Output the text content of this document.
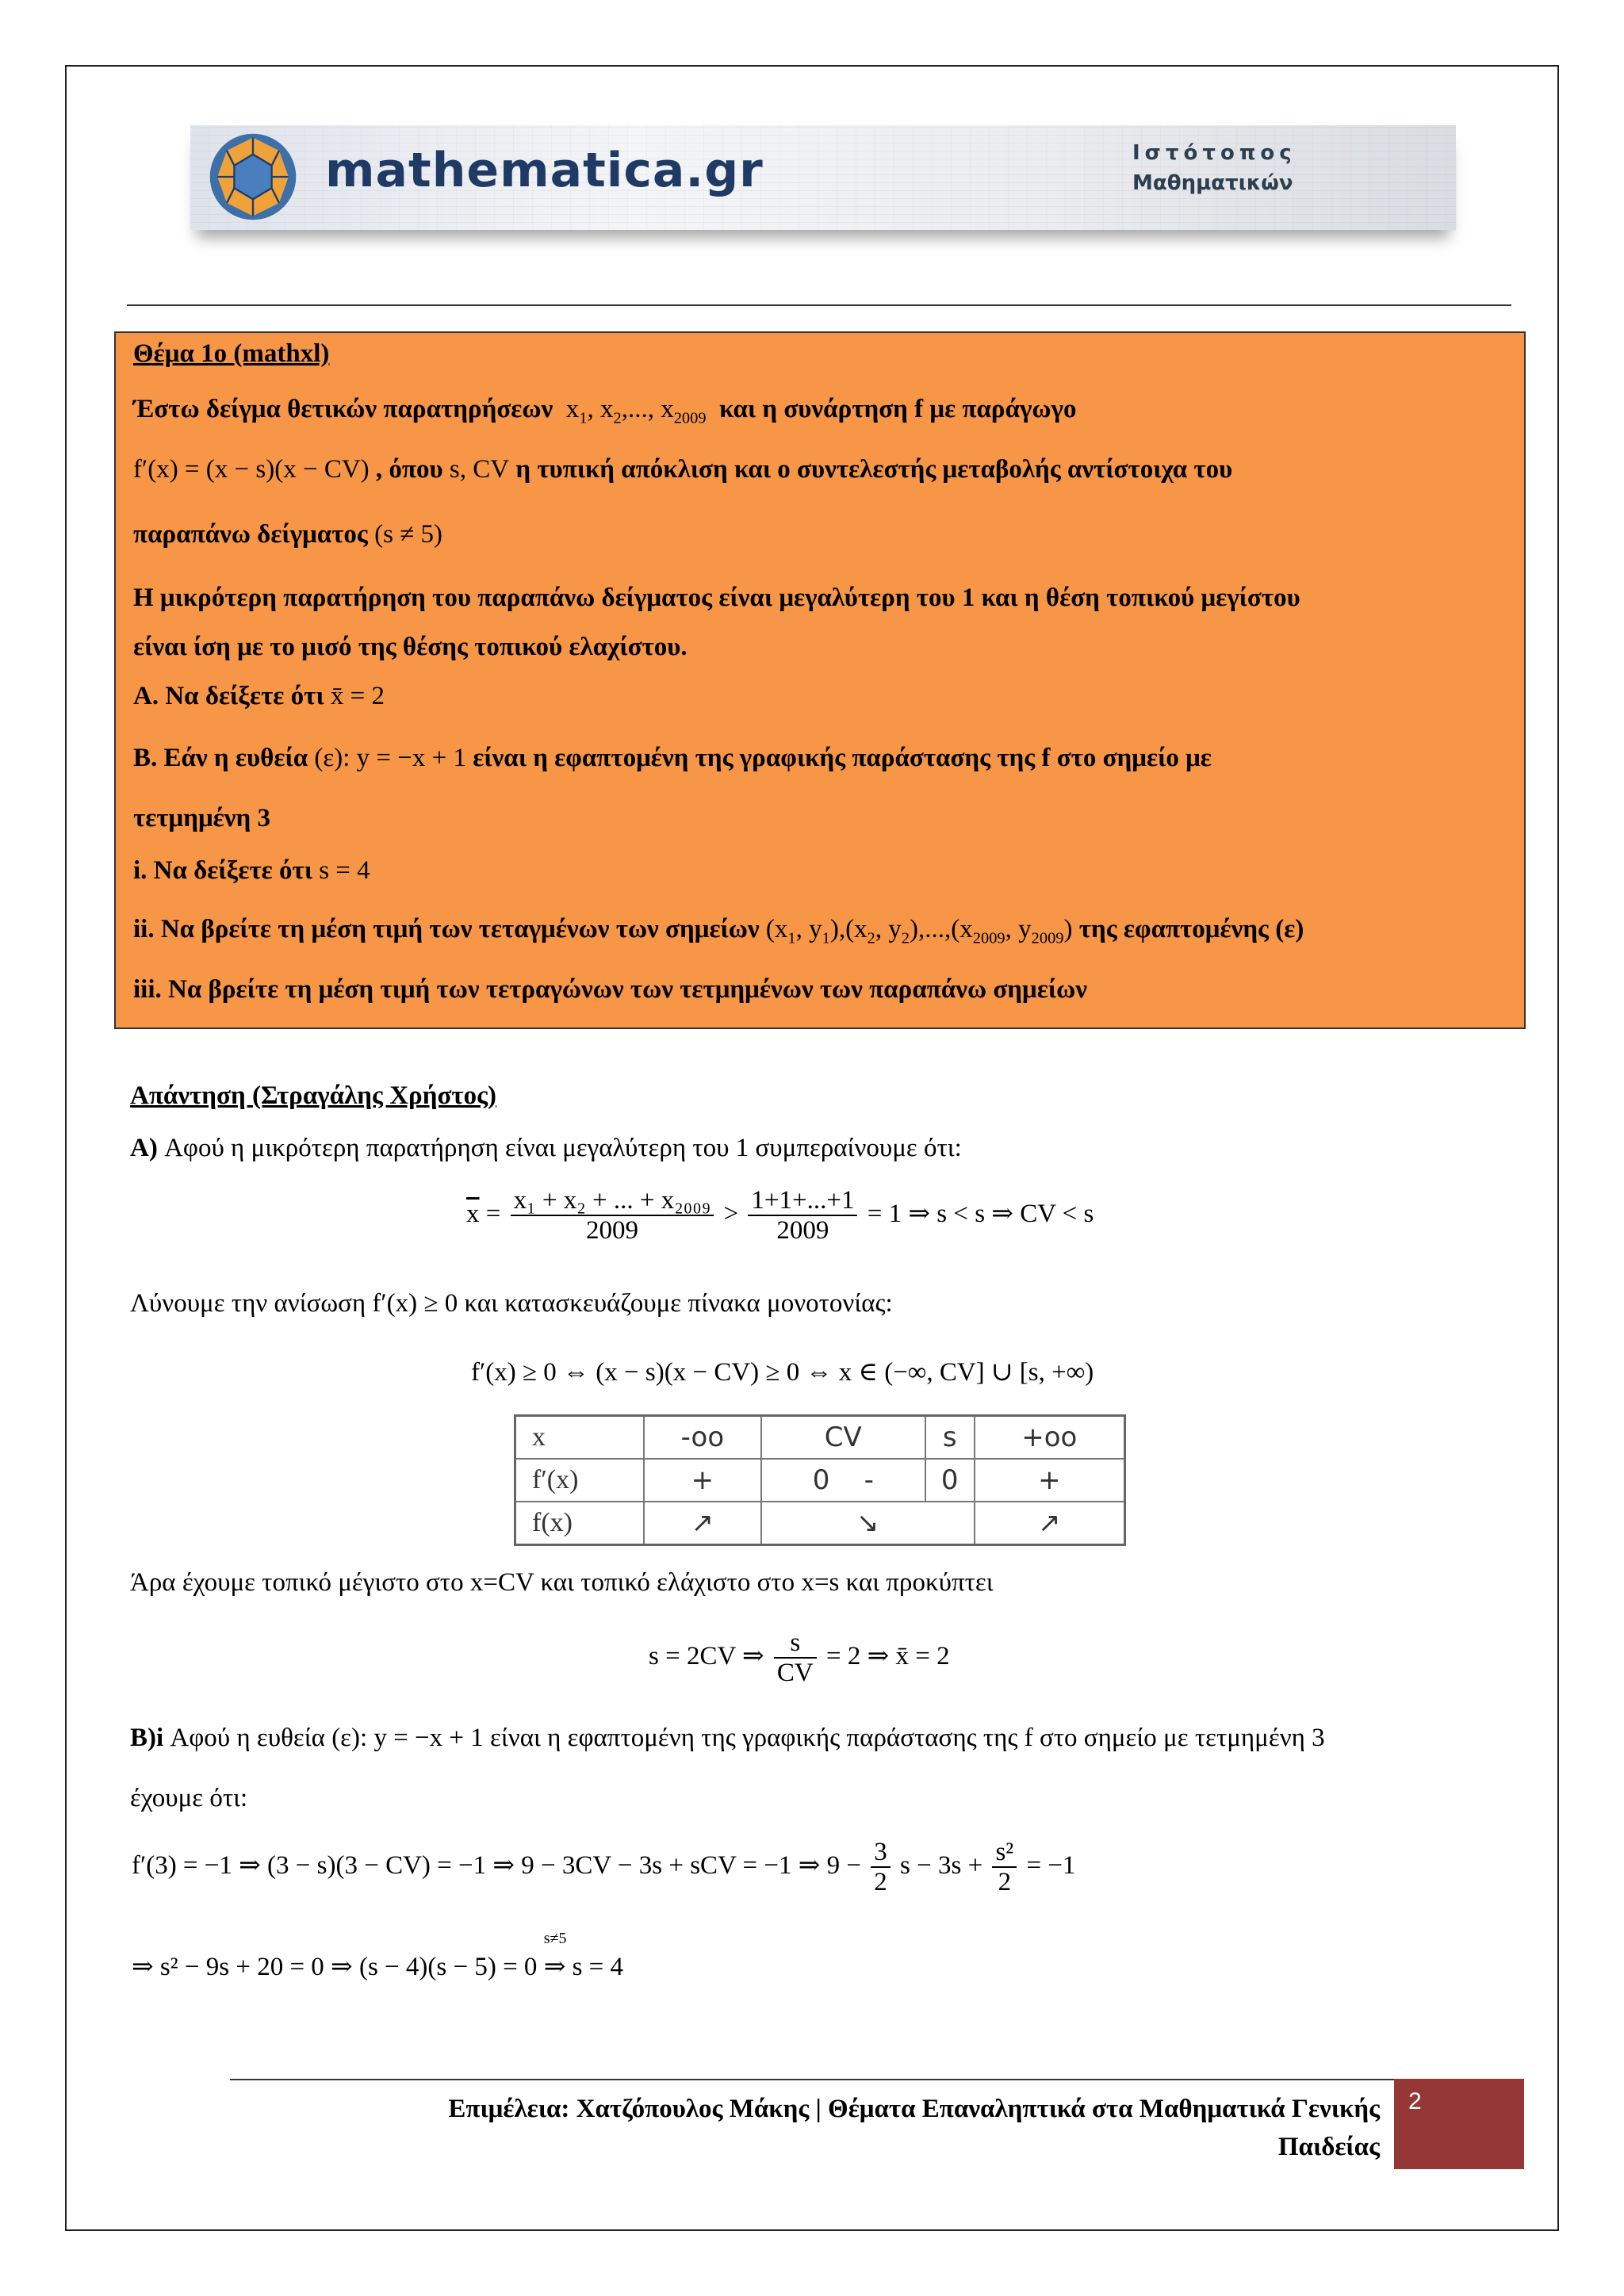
mathematica.gr	Ιστότοπος
Μαθηματικών
Θέμα 1ο (mathxl)
Έστω δείγμα θετικών παρατηρήσεων  $x_1$, $x_2$,..., $x_{2009}$ και η συνάρτηση f με παράγωγο
f′(x) = (x − s)(x − CV) , όπου s, CV η τυπική απόκλιση και ο συντελεστής μεταβολής αντίστοιχα του
παραπάνω δείγματος (s ≠ 5)
Η μικρότερη παρατήρηση του παραπάνω δείγματος είναι μεγαλύτερη του 1 και η θέση τοπικού μεγίστου
είναι ίση με το μισό της θέσης τοπικού ελαχίστου.
A. Να δείξετε ότι x̄ = 2
B. Εάν η ευθεία (ε): y = −x + 1 είναι η εφαπτομένη της γραφικής παράστασης της f στο σημείο με
τετμημένη 3
i. Να δείξετε ότι s = 4
ii. Να βρείτε τη μέση τιμή των τεταγμένων των σημείων ($x_1$, $y_1),(x_2$, $y_2),...,(x_{2009}$, $y_{2009}$) της εφαπτομένης (ε)
iii. Να βρείτε τη μέση τιμή των τετραγώνων των τετμημένων των παραπάνω σημείων
Απάντηση (Στραγάλης Χρήστος)
A) Αφού η μικρότερη παρατήρηση είναι μεγαλύτερη του 1 συμπεραίνουμε ότι:
$\overline{x} = \frac{\text{x₁ + x₂ + ... + x₂₀₀₉}}{2009} > \frac{1+1+...+1}{2009} = 1$ ⇒ s < s ⇒ CV < s
Λύνουμε την ανίσωση f′(x) ≥ 0 και κατασκευάζουμε πίνακα μονοτονίας:
f′(x) ≥ 0 ⇔ (x − s)(x − CV) ≥ 0 ⇔ x ∈ (−∞, CV] ∪ [s, +∞)
x	-oo	CV	s	+oo
f′(x)	+	0 -	0	+
f(x)	↗	↘		↗
Άρα έχουμε τοπικό μέγιστο στο x=CV και τοπικό ελάχιστο στο x=s και προκύπτει
s = 2CV ⇒ $\frac{s}{CV} = 2$ ⇒ x̄ = 2
B)i Αφού η ευθεία (ε): y = −x + 1 είναι η εφαπτομένη της γραφικής παράστασης της f στο σημείο με τετμημένη 3
έχουμε ότι:
f′(3) = −1 ⇒ (3 − s)(3 − CV) = −1 ⇒ 9 − 3CV − 3s + sCV = −1 ⇒ $9 - \frac{3}{2}$ $s - 3s + \frac{\text{s²}}{2} = -1$
⇒ s² − 9s + 20 = 0 ⇒ (s − 4)(s − 5) = 0
s≠5
⇒ s = 4
Επιμέλεια: Χατζόπουλος Μάκης | Θέματα Επαναληπτικά στα Μαθηματικά Γενικής
Παιδείας
2
